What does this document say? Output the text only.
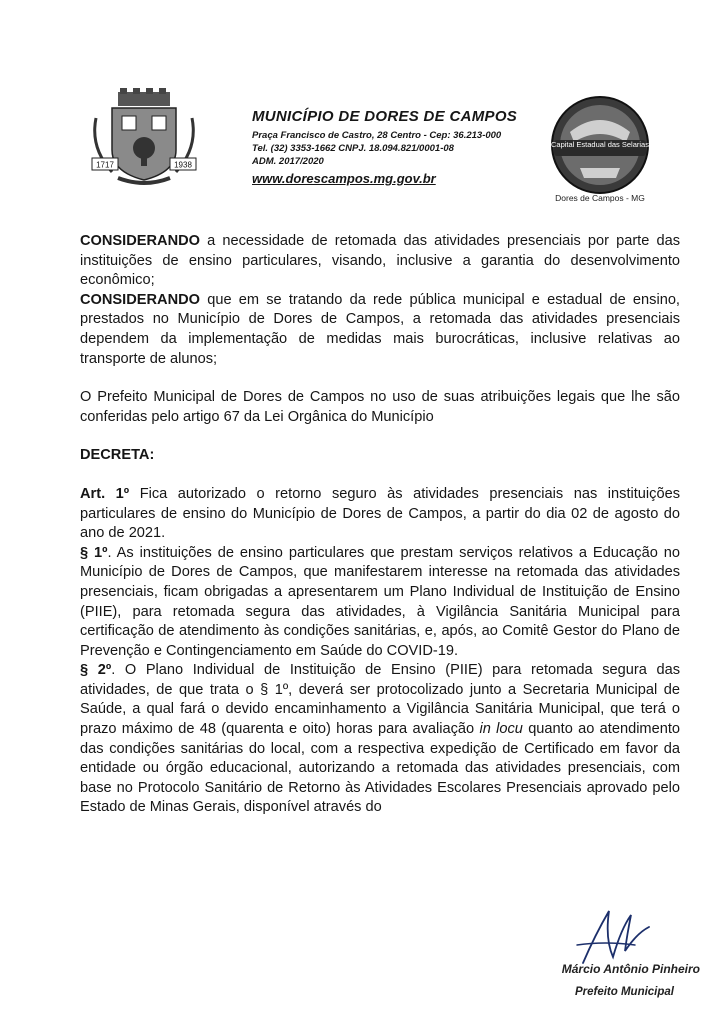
1717	1938
MUNICÍPIO DE DORES DE CAMPOS
Praça Francisco de Castro, 28 Centro - Cep: 36.213-000
Tel. (32) 3353-1662 CNPJ. 18.094.821/0001-08
ADM. 2017/2020
www.dorescampos.mg.gov.br
Capital Estadual das Selarias
Dores de Campos - MG

CONSIDERANDO a necessidade de retomada das atividades presenciais por parte das instituições de ensino particulares, visando, inclusive a garantia do desenvolvimento econômico;

CONSIDERANDO que em se tratando da rede pública municipal e estadual de ensino, prestados no Município de Dores de Campos, a retomada das atividades presenciais dependem da implementação de medidas mais burocráticas, inclusive relativas ao transporte de alunos;

O Prefeito Municipal de Dores de Campos no uso de suas atribuições legais que lhe são conferidas pelo artigo 67 da Lei Orgânica do Município

DECRETA:

Art. 1º Fica autorizado o retorno seguro às atividades presenciais nas instituições particulares de ensino do Município de Dores de Campos, a partir do dia 02 de agosto do ano de 2021.

§ 1º. As instituições de ensino particulares que prestam serviços relativos a Educação no Município de Dores de Campos, que manifestarem interesse na retomada das atividades presenciais, ficam obrigadas a apresentarem um Plano Individual de Instituição de Ensino (PIIE), para retomada segura das atividades, à Vigilância Sanitária Municipal para certificação de atendimento às condições sanitárias, e, após, ao Comitê Gestor do Plano de Prevenção e Contingenciamento em Saúde do COVID-19.

§ 2º. O Plano Individual de Instituição de Ensino (PIIE) para retomada segura das atividades, de que trata o § 1º, deverá ser protocolizado junto a Secretaria Municipal de Saúde, a qual fará o devido encaminhamento a Vigilância Sanitária Municipal, que terá o prazo máximo de 48 (quarenta e oito) horas para avaliação in locu quanto ao atendimento das condições sanitárias do local, com a respectiva expedição de Certificado em favor da entidade ou órgão educacional, autorizando a retomada das atividades presenciais, com base no Protocolo Sanitário de Retorno às Atividades Escolares Presenciais aprovado pelo Estado de Minas Gerais, disponível através do

Márcio Antônio Pinheiro
Prefeito Municipal
